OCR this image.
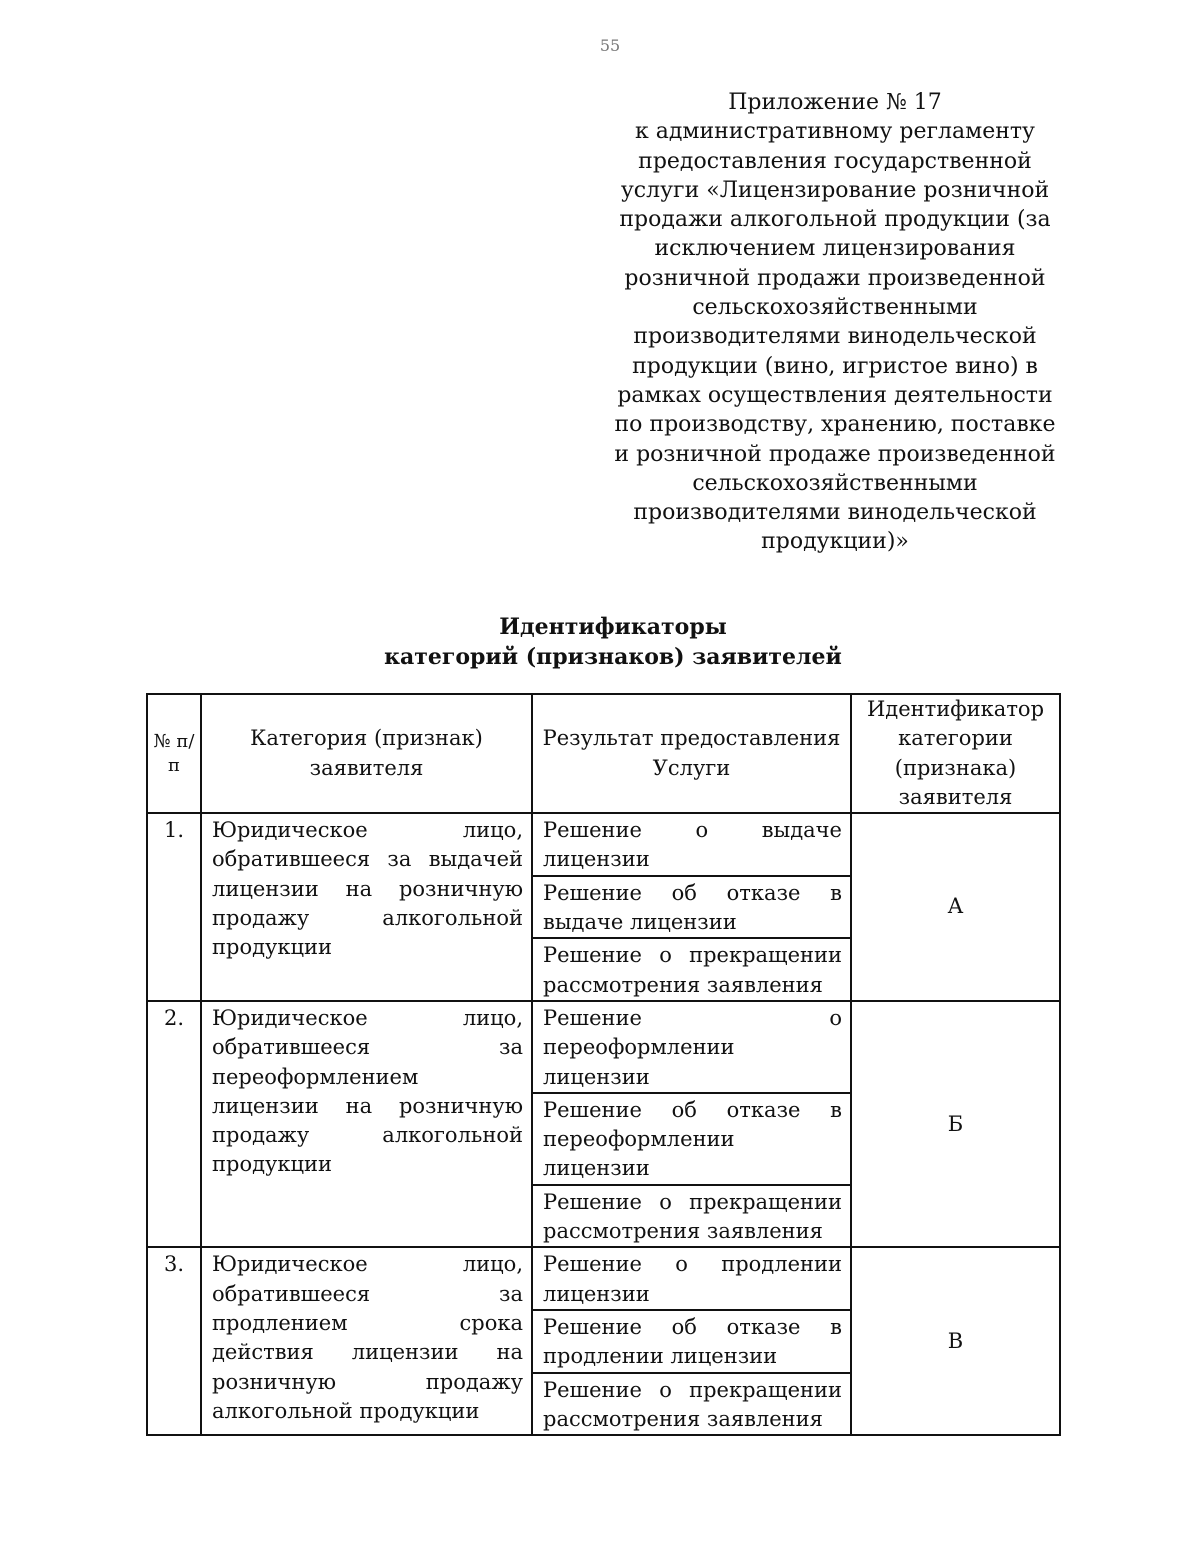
55
Приложение № 17
к административному регламенту
предоставления государственной
услуги «Лицензирование розничной
продажи алкогольной продукции (за
исключением лицензирования
розничной продажи произведенной
сельскохозяйственными
производителями винодельческой
продукции (вино, игристое вино) в
рамках осуществления деятельности
по производству, хранению, поставке
и розничной продаже произведенной
сельскохозяйственными
производителями винодельческой
продукции)»
Идентификаторы
категорий (признаков) заявителей
№ п/п	Категория (признак) заявителя	Результат предоставления Услуги	Идентификатор категории (признака) заявителя
1.	Юридическое лицо, обратившееся за выдачей лицензии на розничную продажу алкогольной продукции	Решение о выдаче лицензии	А
		Решение об отказе в выдаче лицензии	
		Решение о прекращении рассмотрения заявления	
2.	Юридическое лицо, обратившееся за переоформлением лицензии на розничную продажу алкогольной продукции	Решение о переоформлении лицензии	Б
		Решение об отказе в переоформлении лицензии	
		Решение о прекращении рассмотрения заявления	
3.	Юридическое лицо, обратившееся за продлением срока действия лицензии на розничную продажу алкогольной продукции	Решение о продлении лицензии	В
		Решение об отказе в продлении лицензии	
		Решение о прекращении рассмотрения заявления	
